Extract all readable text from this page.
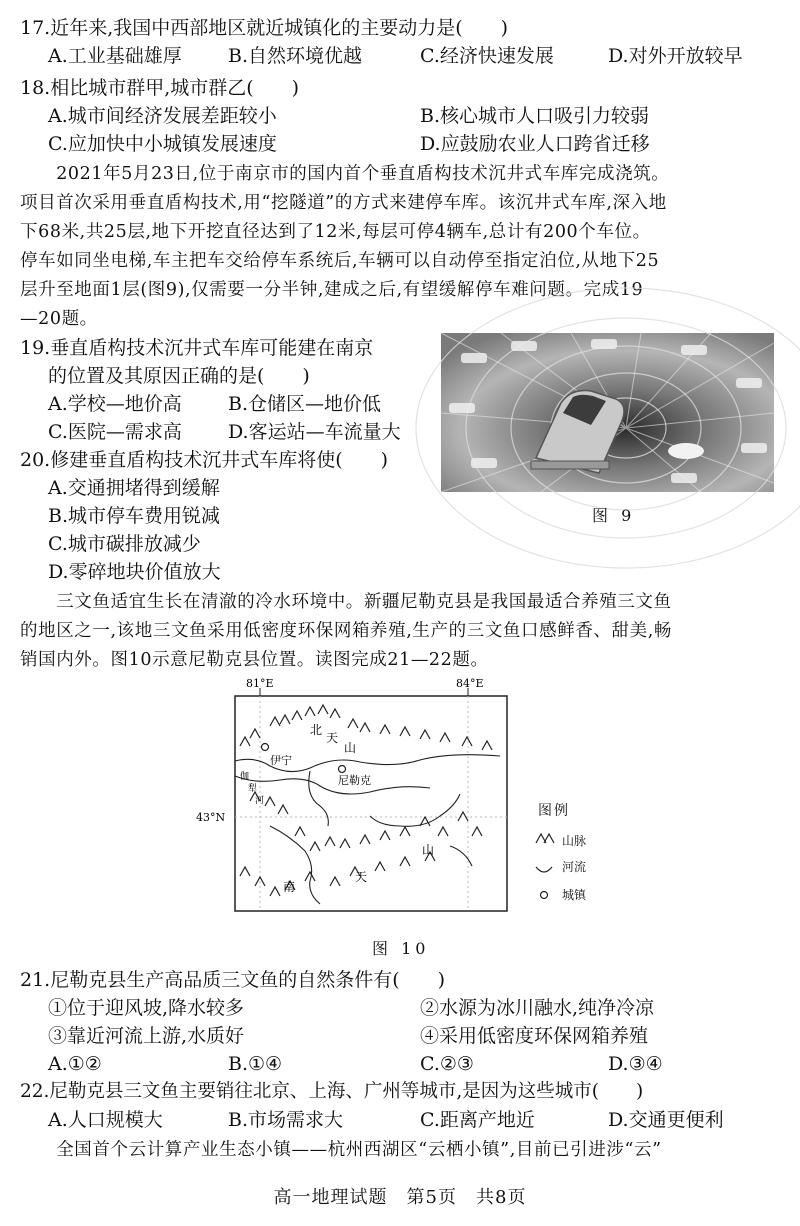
17.近年来,我国中西部地区就近城镇化的主要动力是(　　)
A.工业基础雄厚 B.自然环境优越	C.经济快速发展	D.对外开放较早
18.相比城市群甲,城市群乙(　　)
A.城市间经济发展差距较小	B.核心城市人口吸引力较弱
C.应加快中小城镇发展速度	D.应鼓励农业人口跨省迁移
　　2021年5月23日,位于南京市的国内首个垂直盾构技术沉井式车库完成浇筑。
项目首次采用垂直盾构技术,用“挖隧道”的方式来建停车库。该沉井式车库,深入地
下68米,共25层,地下开挖直径达到了12米,每层可停4辆车,总计有200个车位。
停车如同坐电梯,车主把车交给停车系统后,车辆可以自动停至指定泊位,从地下25
层升至地面1层(图9),仅需要一分半钟,建成之后,有望缓解停车难问题。完成19
—20题。
19.垂直盾构技术沉井式车库可能建在南京
的位置及其原因正确的是(　　)
A.学校—地价高 B.仓储区—地价低
C.医院—需求高 D.客运站—车流量大
20.修建垂直盾构技术沉井式车库将使(　　)
A.交通拥堵得到缓解
B.城市停车费用锐减
C.城市碳排放减少
D.零碎地块价值放大
图 9
　　三文鱼适宜生长在清澈的冷水环境中。新疆尼勒克县是我国最适合养殖三文鱼
的地区之一,该地三文鱼采用低密度环保网箱养殖,生产的三文鱼口感鲜香、甜美,畅
销国内外。图10示意尼勒克县位置。读图完成21—22题。
81°E	84°E
43°N
伊宁
尼勒克
北
天
山
伽
犁
河
南
天
山
图例
山脉
河流
城镇
图 10
21.尼勒克县生产高品质三文鱼的自然条件有(　　)
①位于迎风坡,降水较多	②水源为冰川融水,纯净冷凉
③靠近河流上游,水质好	④采用低密度环保网箱养殖
A.①②	B.①④	C.②③	D.③④
22.尼勒克县三文鱼主要销往北京、上海、广州等城市,是因为这些城市(　　)
A.人口规模大	B.市场需求大	C.距离产地近	D.交通更便利
　　全国首个云计算产业生态小镇——杭州西湖区“云栖小镇”,目前已引进涉“云”
高一地理试题　第5页　共8页
